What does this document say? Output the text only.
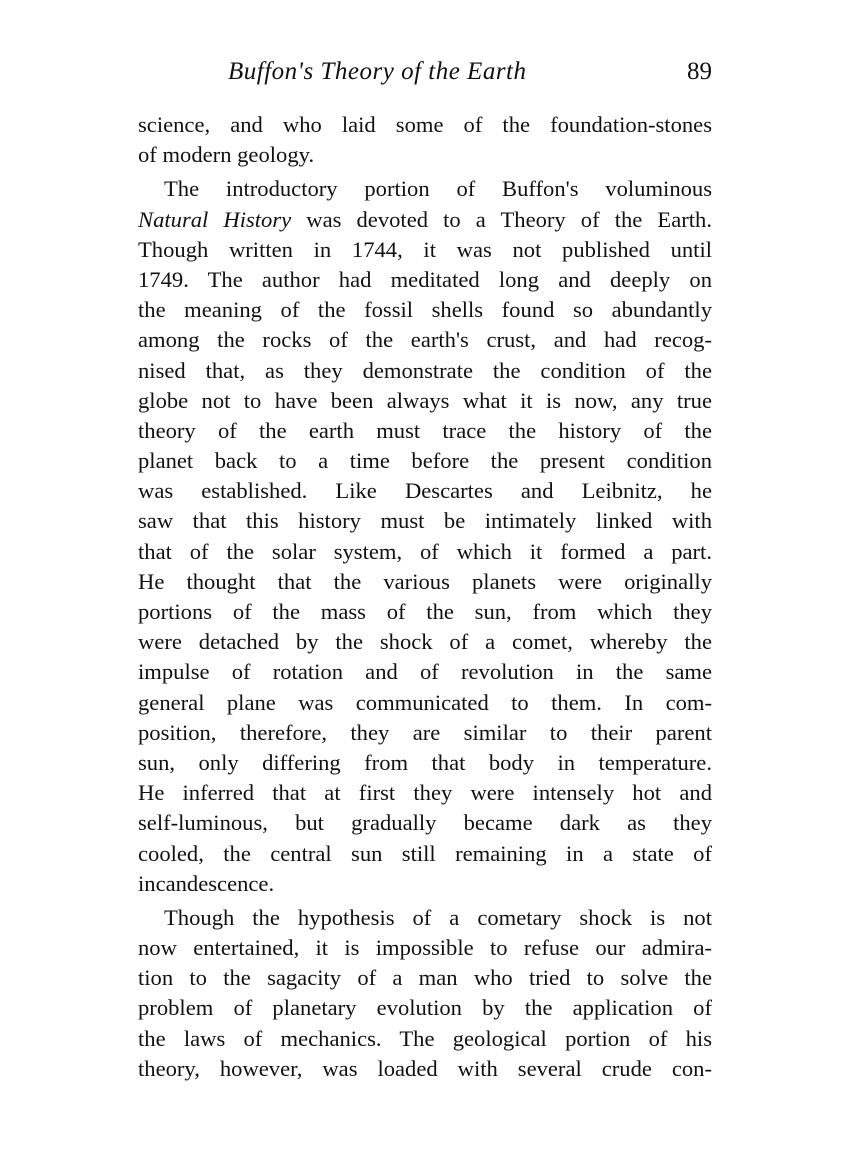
Buffon's Theory of the Earth	89
science, and who laid some of the foundation-stones
of modern geology.
The introductory portion of Buffon's voluminous
Natural History was devoted to a Theory of the Earth.
Though written in 1744, it was not published until
1749. The author had meditated long and deeply on
the meaning of the fossil shells found so abundantly
among the rocks of the earth's crust, and had recog-
nised that, as they demonstrate the condition of the
globe not to have been always what it is now, any true
theory of the earth must trace the history of the
planet back to a time before the present condition
was established. Like Descartes and Leibnitz, he
saw that this history must be intimately linked with
that of the solar system, of which it formed a part.
He thought that the various planets were originally
portions of the mass of the sun, from which they
were detached by the shock of a comet, whereby the
impulse of rotation and of revolution in the same
general plane was communicated to them. In com-
position, therefore, they are similar to their parent
sun, only differing from that body in temperature.
He inferred that at first they were intensely hot and
self-luminous, but gradually became dark as they
cooled, the central sun still remaining in a state of
incandescence.
Though the hypothesis of a cometary shock is not
now entertained, it is impossible to refuse our admira-
tion to the sagacity of a man who tried to solve the
problem of planetary evolution by the application of
the laws of mechanics. The geological portion of his
theory, however, was loaded with several crude con-
